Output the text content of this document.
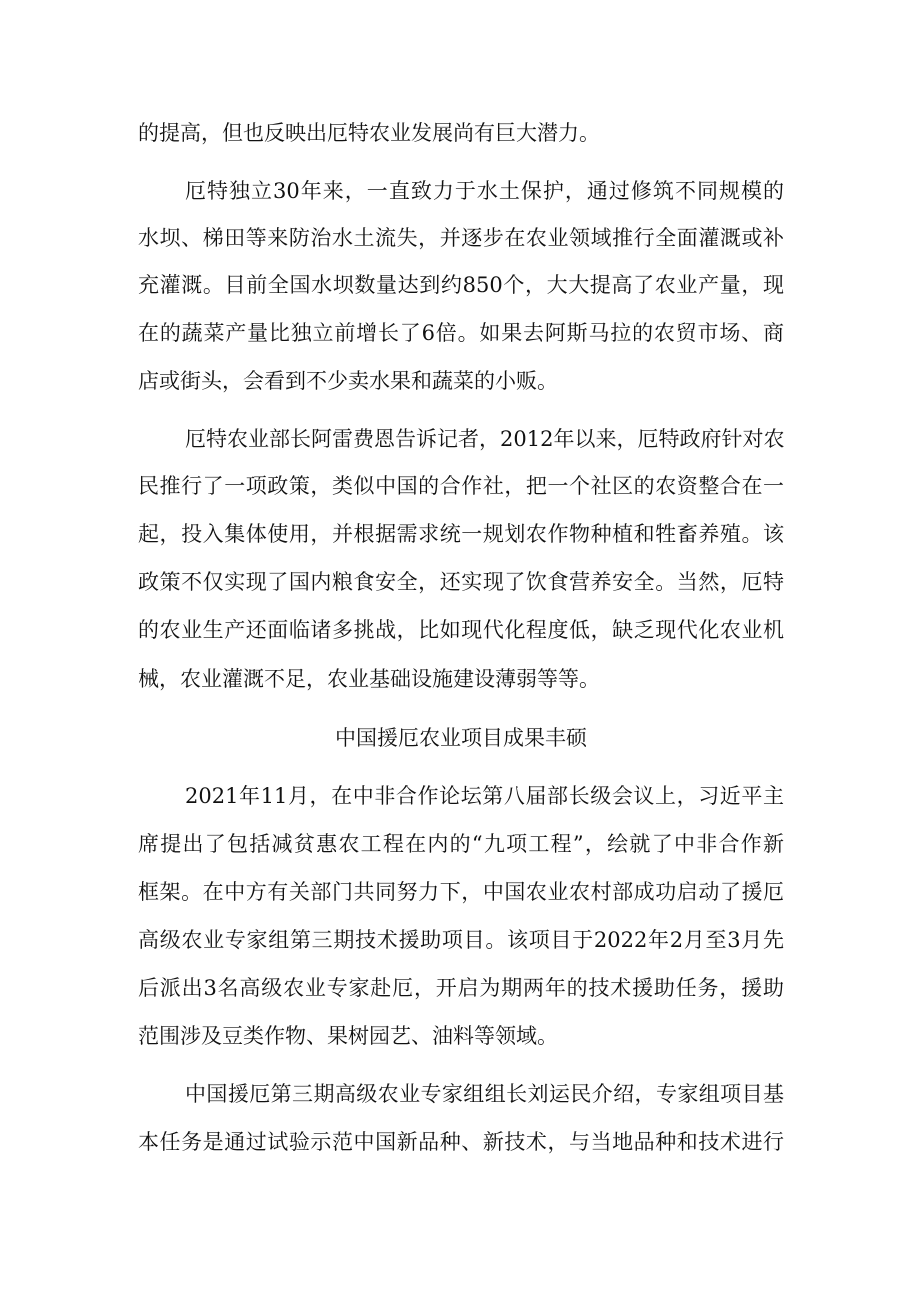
的提高，但也反映出厄特农业发展尚有巨大潜力。
厄特独立30年来，一直致力于水土保护，通过修筑不同规模的
水坝、梯田等来防治水土流失，并逐步在农业领域推行全面灌溉或补
充灌溉。目前全国水坝数量达到约850个，大大提高了农业产量，现
在的蔬菜产量比独立前增长了6倍。如果去阿斯马拉的农贸市场、商
店或街头，会看到不少卖水果和蔬菜的小贩。
厄特农业部长阿雷费恩告诉记者，2012年以来，厄特政府针对农
民推行了一项政策，类似中国的合作社，把一个社区的农资整合在一
起，投入集体使用，并根据需求统一规划农作物种植和牲畜养殖。该
政策不仅实现了国内粮食安全，还实现了饮食营养安全。当然，厄特
的农业生产还面临诸多挑战，比如现代化程度低，缺乏现代化农业机
械，农业灌溉不足，农业基础设施建设薄弱等等。
中国援厄农业项目成果丰硕
2021年11月，在中非合作论坛第八届部长级会议上，习近平主
席提出了包括减贫惠农工程在内的“九项工程”，绘就了中非合作新
框架。在中方有关部门共同努力下，中国农业农村部成功启动了援厄
高级农业专家组第三期技术援助项目。该项目于2022年2月至3月先
后派出3名高级农业专家赴厄，开启为期两年的技术援助任务，援助
范围涉及豆类作物、果树园艺、油料等领域。
中国援厄第三期高级农业专家组组长刘运民介绍，专家组项目基
本任务是通过试验示范中国新品种、新技术，与当地品种和技术进行
